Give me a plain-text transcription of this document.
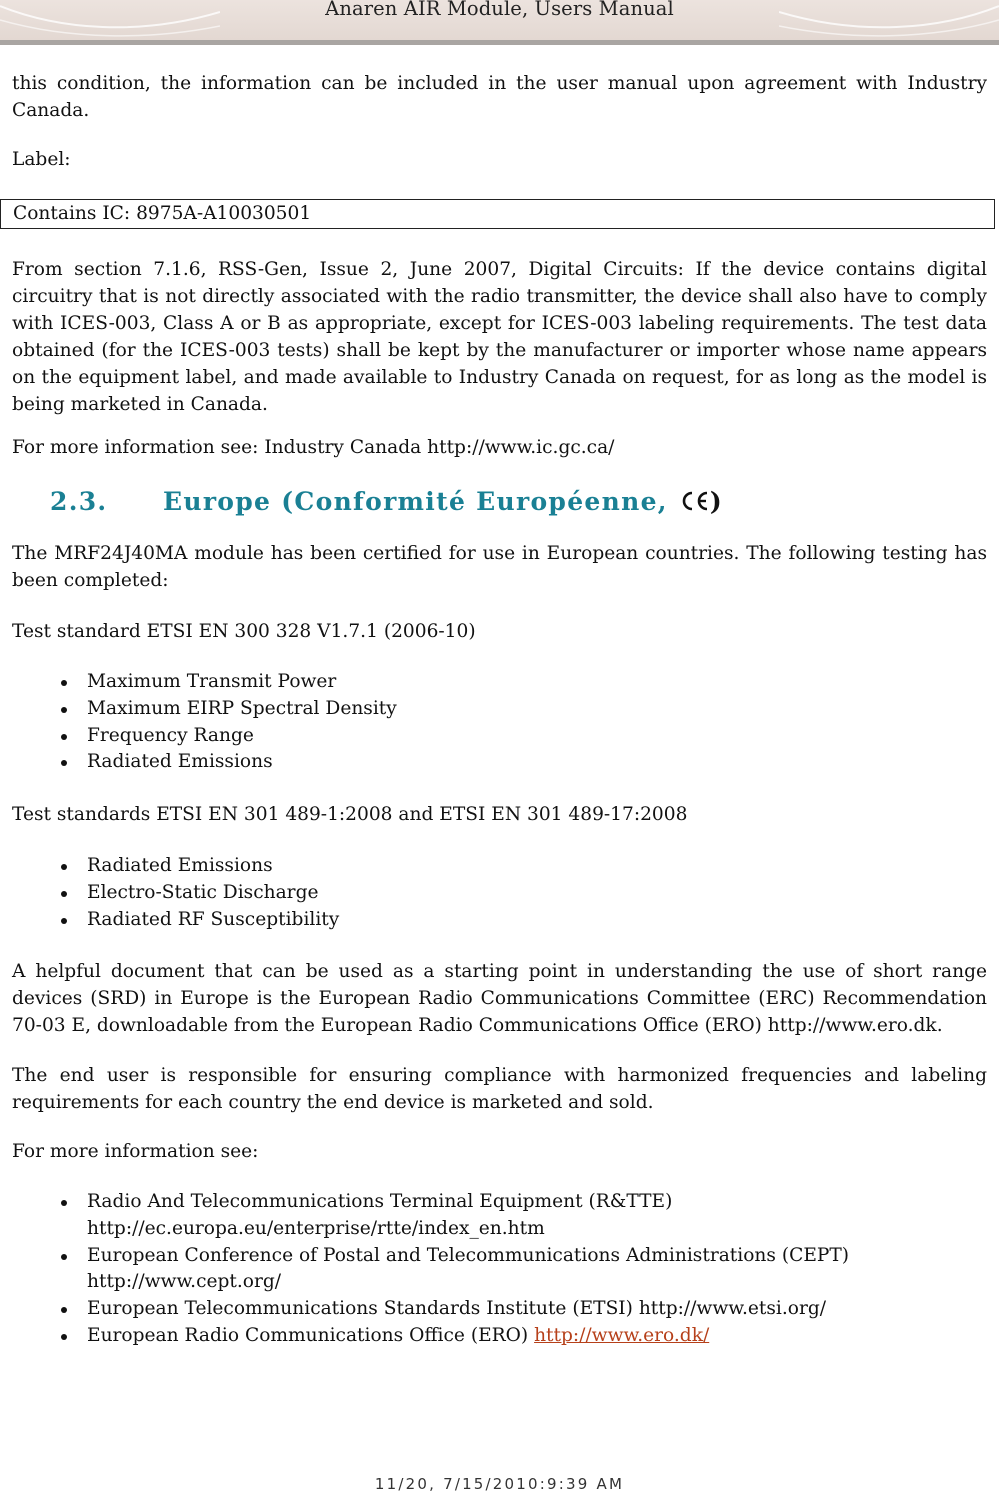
Anaren AIR Module, Users Manual

this condition, the information can be included in the user manual upon agreement with Industry Canada.

Label:

Contains IC: 8975A-A10030501

From section 7.1.6, RSS-Gen, Issue 2, June 2007, Digital Circuits: If the device contains digital circuitry that is not directly associated with the radio transmitter, the device shall also have to comply with ICES-003, Class A or B as appropriate, except for ICES-003 labeling requirements. The test data obtained (for the ICES-003 tests) shall be kept by the manufacturer or importer whose name appears on the equipment label, and made available to Industry Canada on request, for as long as the model is being marketed in Canada.

For more information see: Industry Canada http://www.ic.gc.ca/

2.3. Europe (Conformité Européenne, )

The MRF24J40MA module has been certified for use in European countries. The following testing has been completed:

Test standard ETSI EN 300 328 V1.7.1 (2006-10)

Maximum Transmit Power
Maximum EIRP Spectral Density
Frequency Range
Radiated Emissions

Test standards ETSI EN 301 489-1:2008 and ETSI EN 301 489-17:2008

Radiated Emissions
Electro-Static Discharge
Radiated RF Susceptibility

A helpful document that can be used as a starting point in understanding the use of short range devices (SRD) in Europe is the European Radio Communications Committee (ERC) Recommendation 70-03 E, downloadable from the European Radio Communications Office (ERO) http://www.ero.dk.

The end user is responsible for ensuring compliance with harmonized frequencies and labeling requirements for each country the end device is marketed and sold.

For more information see:

Radio And Telecommunications Terminal Equipment (R&TTE)
http://ec.europa.eu/enterprise/rtte/index_en.htm
European Conference of Postal and Telecommunications Administrations (CEPT)
http://www.cept.org/
European Telecommunications Standards Institute (ETSI) http://www.etsi.org/
European Radio Communications Office (ERO) http://www.ero.dk/
11/20, 7/15/2010:9:39 AM
